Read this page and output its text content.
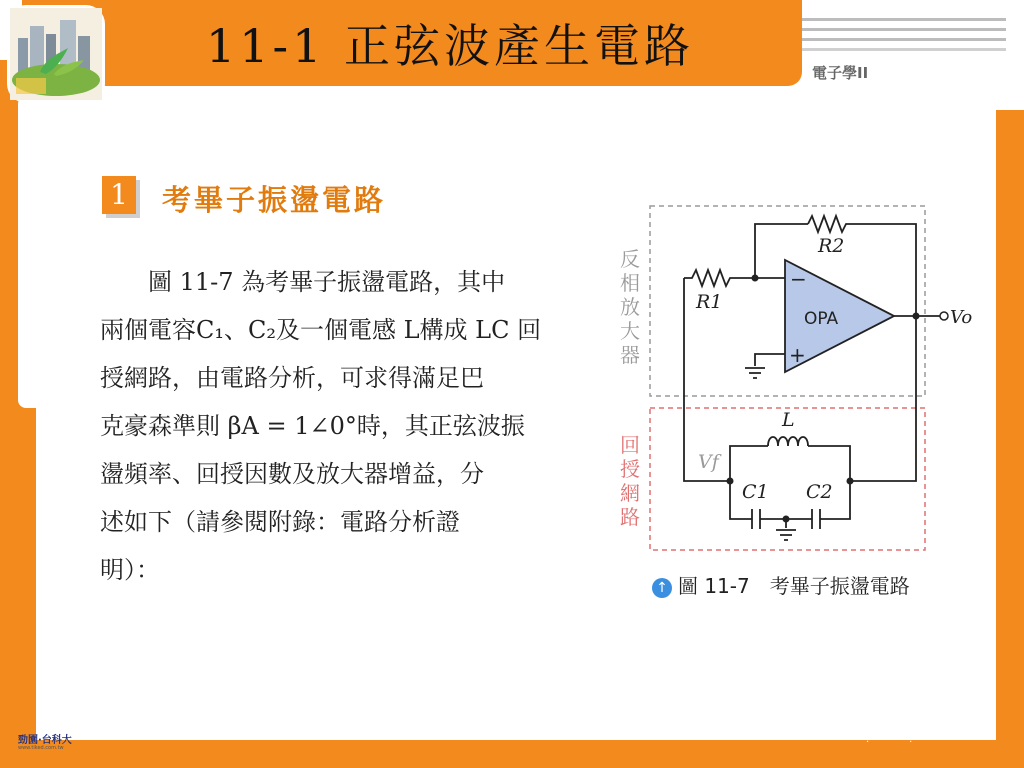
11-1 正弦波產生電路	電子學II
1 考畢子振盪電路
　　圖 11-7 為考畢子振盪電路，其中
兩個電容C₁、C₂及一個電感 L構成 LC 回
授網路，由電路分析，可求得滿足巴
克豪森準則 βA = 1∠0°時，其正弦波振
盪頻率、回授因數及放大器增益，分
述如下（請參閱附錄：電路分析證
明）：
反
相
放
大
器
回
授
網
路
OPA
−
+
R1
R2
Vo
L
C1 C2
Vf
↑ 圖 11-7　考畢子振盪電路
勁園·台科大
www.tiked.com.tw	··
